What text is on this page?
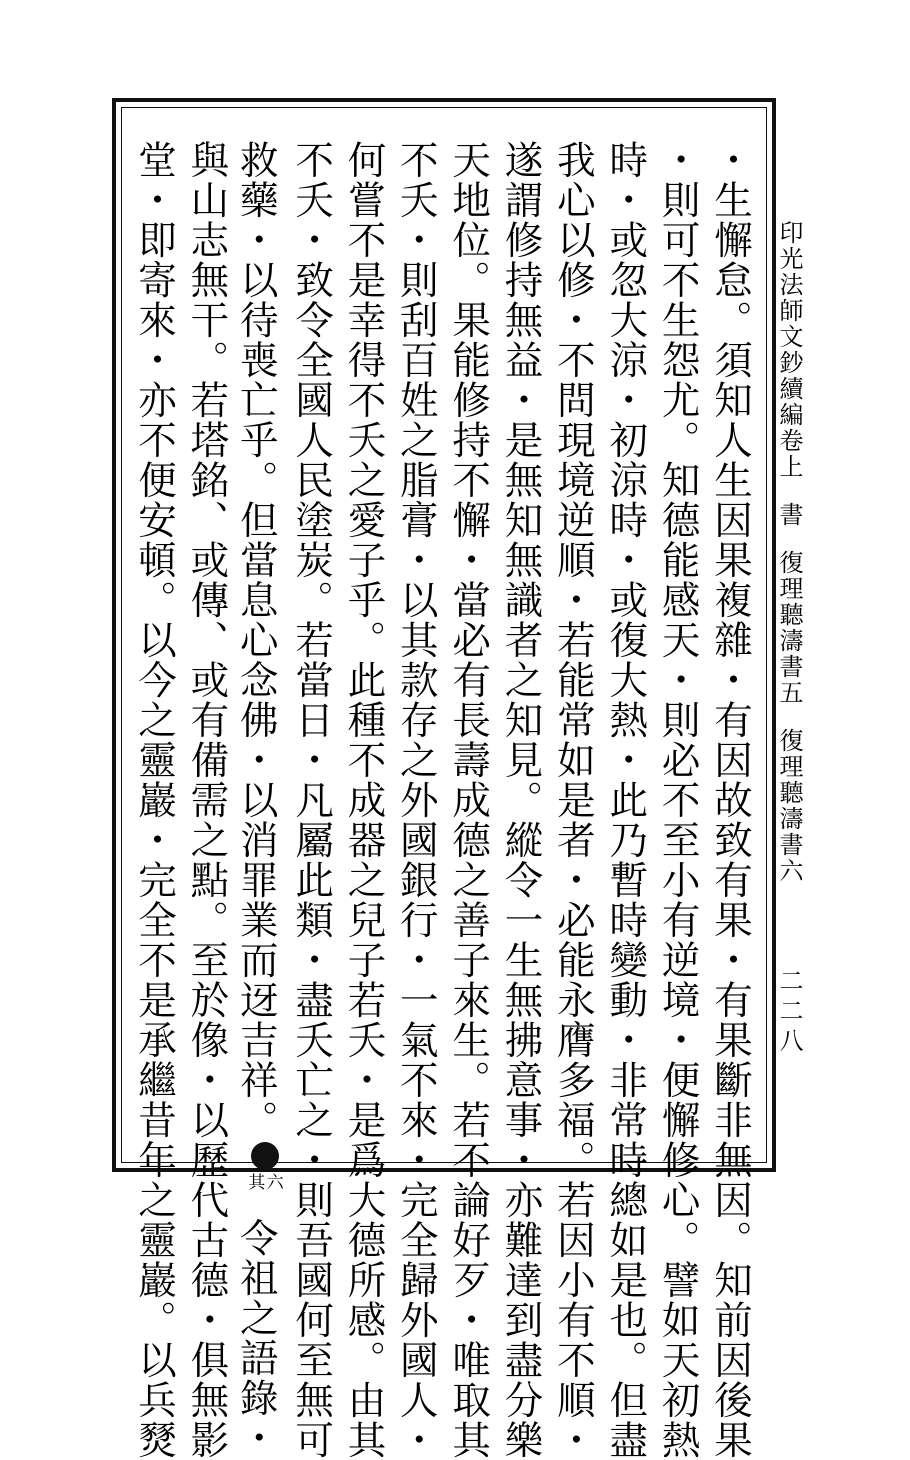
・生懈怠。須知人生因果複雜・有因故致有果・有果斷非無因。知前因後果
・則可不生怨尤。知德能感天・則必不至小有逆境・便懈修心。譬如天初熱
時・或忽大涼・初涼時・或復大熱・此乃暫時變動・非常時總如是也。但盡
我心以修・不問現境逆順・若能常如是者・必能永膺多福。若因小有不順・
遂謂修持無益・是無知無識者之知見。縱令一生無拂意事・亦難達到盡分樂
天地位。果能修持不懈・當必有長壽成德之善子來生。若不論好歹・唯取其
不夭・則刮百姓之脂膏・以其款存之外國銀行・一氣不來・完全歸外國人・
何嘗不是幸得不夭之愛子乎。此種不成器之兒子若夭・是爲大德所感。由其
不夭・致令全國人民塗炭。若當日・凡屬此類・盡夭亡之・則吾國何至無可
救藥・以待喪亡乎。但當息心念佛・以消罪業而迓吉祥。
其六
令祖之語錄・
與山志無干。若塔銘、或傳、或有備需之點。至於像・以歷代古德・俱無影
堂・即寄來・亦不便安頓。以今之靈巖・完全不是承繼昔年之靈巖。以兵燹	印光法師文鈔續編卷上書復理聽濤書五復理聽濤書六
二二八
